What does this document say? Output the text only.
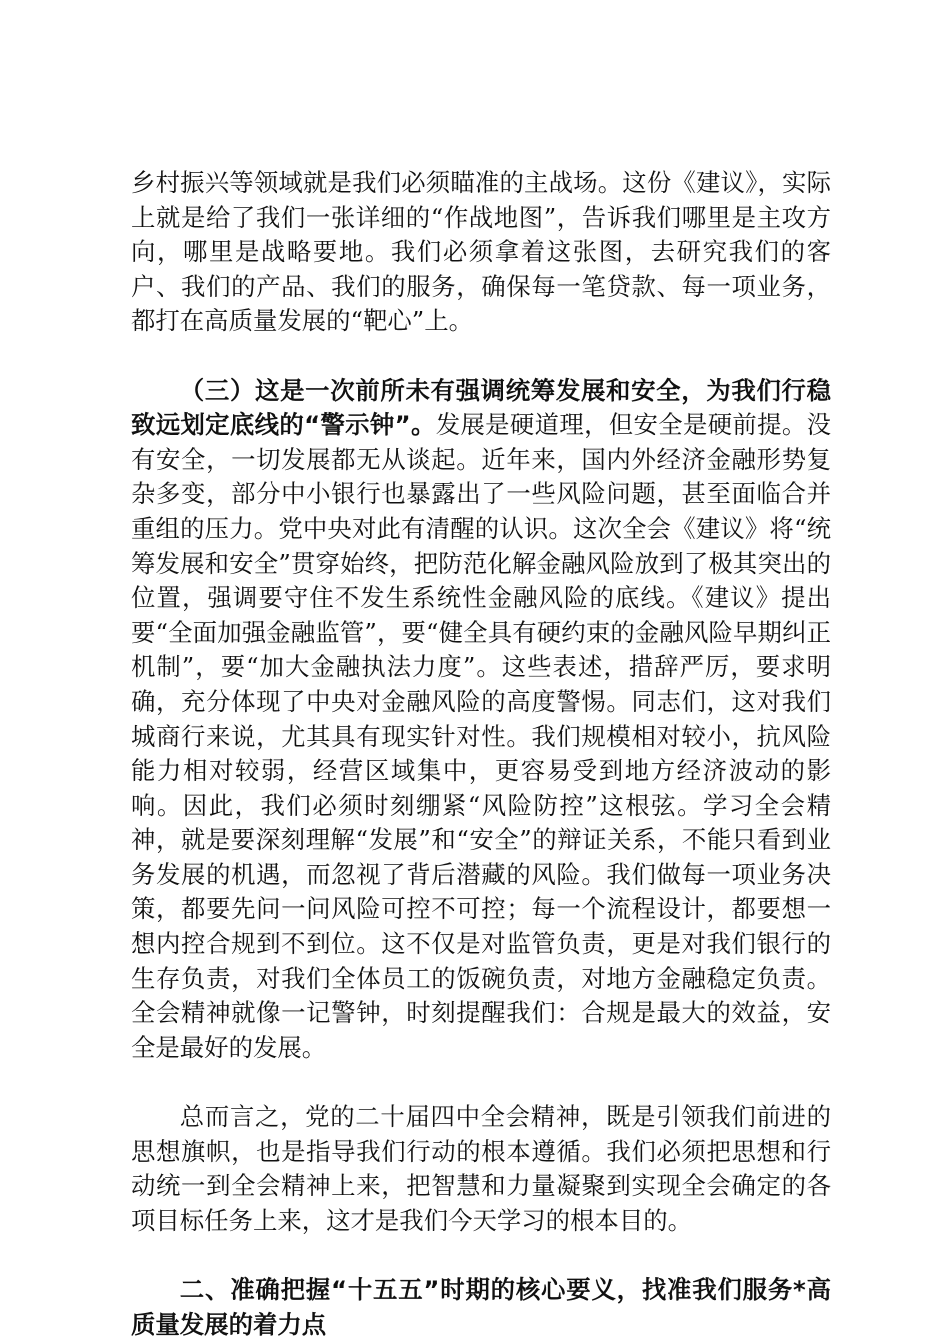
乡村振兴等领域就是我们必须瞄准的主战场。这份《建议》，实际上就是给了我们一张详细的“作战地图”，告诉我们哪里是主攻方向，哪里是战略要地。我们必须拿着这张图，去研究我们的客户、我们的产品、我们的服务，确保每一笔贷款、每一项业务，都打在高质量发展的“靶心”上。

（三）这是一次前所未有强调统筹发展和安全，为我们行稳致远划定底线的“警示钟”。发展是硬道理，但安全是硬前提。没有安全，一切发展都无从谈起。近年来，国内外经济金融形势复杂多变，部分中小银行也暴露出了一些风险问题，甚至面临合并重组的压力。党中央对此有清醒的认识。这次全会《建议》将“统筹发展和安全”贯穿始终，把防范化解金融风险放到了极其突出的位置，强调要守住不发生系统性金融风险的底线。《建议》提出要“全面加强金融监管”，要“健全具有硬约束的金融风险早期纠正机制”，要“加大金融执法力度”。这些表述，措辞严厉，要求明确，充分体现了中央对金融风险的高度警惕。同志们，这对我们城商行来说，尤其具有现实针对性。我们规模相对较小，抗风险能力相对较弱，经营区域集中，更容易受到地方经济波动的影响。因此，我们必须时刻绷紧“风险防控”这根弦。学习全会精神，就是要深刻理解“发展”和“安全”的辩证关系，不能只看到业务发展的机遇，而忽视了背后潜藏的风险。我们做每一项业务决策，都要先问一问风险可控不可控；每一个流程设计，都要想一想内控合规到不到位。这不仅是对监管负责，更是对我们银行的生存负责，对我们全体员工的饭碗负责，对地方金融稳定负责。全会精神就像一记警钟，时刻提醒我们：合规是最大的效益，安全是最好的发展。

总而言之，党的二十届四中全会精神，既是引领我们前进的思想旗帜，也是指导我们行动的根本遵循。我们必须把思想和行动统一到全会精神上来，把智慧和力量凝聚到实现全会确定的各项目标任务上来，这才是我们今天学习的根本目的。

二、准确把握“十五五”时期的核心要义，找准我们服务*高质量发展的着力点
